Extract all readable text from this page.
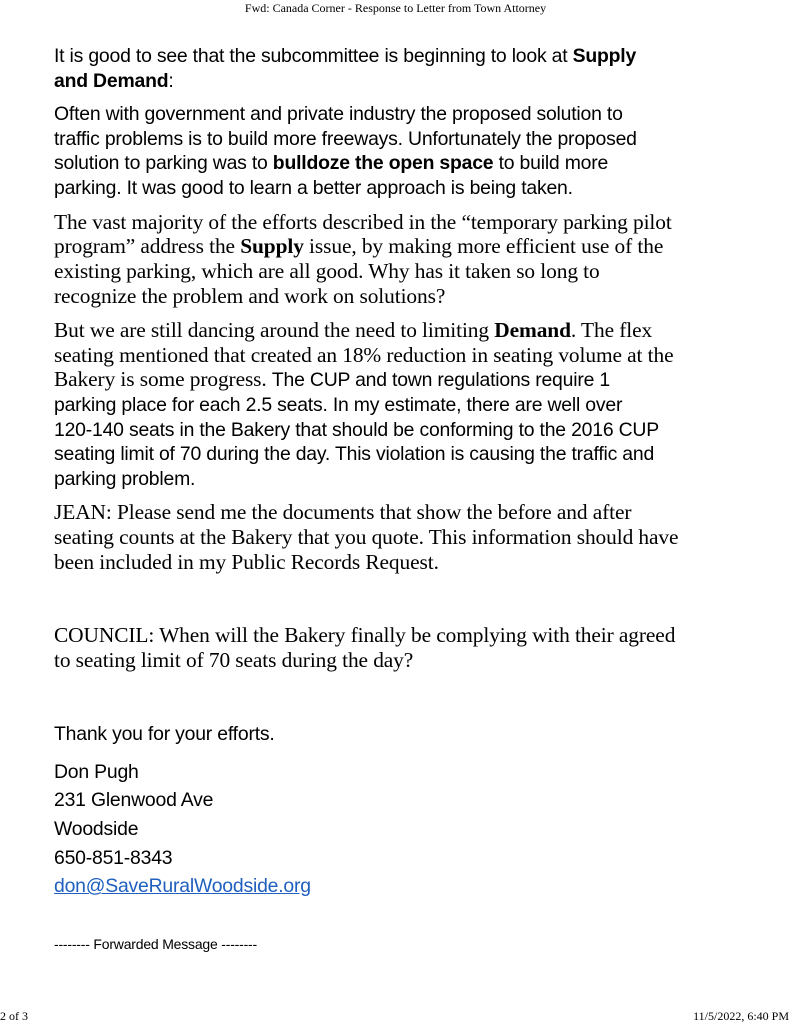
Fwd: Canada Corner - Response to Letter from Town Attorney

It is good to see that the subcommittee is beginning to look at Supply

and Demand:

Often with government and private industry the proposed solution to

traffic problems is to build more freeways. Unfortunately the proposed

solution to parking was to bulldoze the open space to build more

parking. It was good to learn a better approach is being taken.

The vast majority of the efforts described in the “temporary parking pilot

program” address the Supply issue, by making more efficient use of the

existing parking, which are all good. Why has it taken so long to

recognize the problem and work on solutions?

But we are still dancing around the need to limiting Demand. The flex

seating mentioned that created an 18% reduction in seating volume at the

Bakery is some progress. The CUP and town regulations require 1

parking place for each 2.5 seats. In my estimate, there are well over

120-140 seats in the Bakery that should be conforming to the 2016 CUP

seating limit of 70 during the day. This violation is causing the traffic and

parking problem.

JEAN: Please send me the documents that show the before and after

seating counts at the Bakery that you quote. This information should have

been included in my Public Records Request.

COUNCIL: When will the Bakery finally be complying with their agreed

to seating limit of 70 seats during the day?

Thank you for your efforts.

Don Pugh

231 Glenwood Ave

Woodside

650-851-8343

don@SaveRuralWoodside.org

-------- Forwarded Message --------
2 of 3	11/5/2022, 6:40 PM
